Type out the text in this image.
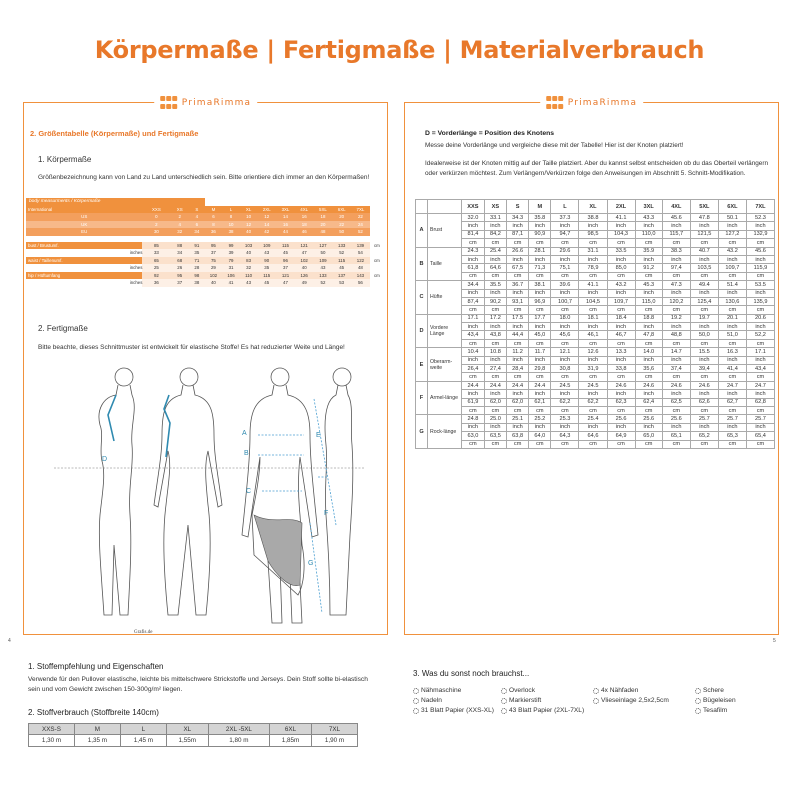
Körpermaße | Fertigmaße | Materialverbrauch
PrimaRimma
2. Größentabelle (Körpermaße) und Fertigmaße
1. Körpermaße
Größenbezeichnung kann von Land zu Land unterschiedlich sein. Bitte orientiere dich immer an den Körpermaßen!
body measurments / Körpermaße													
International	XXS	XS	S	M	L	XL	2XL	3XL	4XL	5XL	6XL	7XL	
US	0	2	4	6	8	10	12	14	16	18	20	22	
UK	2	4	6	8	10	12	14	16	18	20	22	24	
EU	30	32	34	36	38	40	42	44	46	48	50	52	

bust / Brustumf.	85	88	91	95	99	103	109	115	121	127	133	139	cm
inches	33	34	35	37	39	40	43	45	47	50	52	54	
waist / Taillenumf.	65	68	71	75	79	83	90	96	102	109	115	122	cm
inches	25	26	28	29	31	32	35	37	40	43	45	48	
hip / Hüftumfang	92	95	98	102	106	110	115	121	126	133	137	143	cm
inches	36	37	38	40	41	43	45	47	49	52	53	56	
2. Fertigmaße
Bitte beachte, dieses Schnittmuster ist entwickelt für elastische Stoffe! Es hat reduzierter Weite und Länge!
D
A
B
C
E
F
G
Grafis.de
4
PrimaRimma
D = Vorderlänge = Position des Knotens
Messe deine Vorderlänge und vergleiche diese mit der Tabelle! Hier ist der Knoten platziert!
Idealerweise ist der Knoten mittig auf der Taille platziert. Aber du kannst selbst entscheiden ob du das Oberteil verlängern oder verkürzen möchtest. Zum Verlängern/Verkürzen folge den Anweisungen im Abschnitt 5. Schnitt-Modifikation.
		XXS	XS	S	M	L	XL	2XL	3XL	4XL	5XL	6XL	7XL
A	Brust	32.0	33.1	34.3	35.8	37.3	38.8	41.1	43.3	45.6	47.8	50.1	52.3
		inch	inch	inch	inch	inch	inch	inch	inch	inch	inch	inch	inch
		81,4	84,2	87,1	90,9	94,7	98,5	104,3	110,0	115,7	121,5	127,2	132,9
		cm	cm	cm	cm	cm	cm	cm	cm	cm	cm	cm	cm
B	Taille	24.3	25.4	26.6	28.1	29.6	31.1	33.5	35.9	38.3	40.7	43.2	45.6
		inch	inch	inch	inch	inch	inch	inch	inch	inch	inch	inch	inch
		61,8	64,6	67,5	71,3	75,1	78,9	85,0	91,2	97,4	103,5	109,7	115,9
		cm	cm	cm	cm	cm	cm	cm	cm	cm	cm	cm	cm
C	Hüfte	34.4	35.5	36.7	38.1	39.6	41.1	43.2	45.3	47.3	49.4	51.4	53.5
		inch	inch	inch	inch	inch	inch	inch	inch	inch	inch	inch	inch
		87,4	90,2	93,1	96,9	100,7	104,5	109,7	115,0	120,2	125,4	130,6	135,9
		cm	cm	cm	cm	cm	cm	cm	cm	cm	cm	cm	cm
D	Vordere Länge	17.1	17.2	17.5	17.7	18.0	18.1	18.4	18.8	19.2	19.7	20.1	20.6
		inch	inch	inch	inch	inch	inch	inch	inch	inch	inch	inch	inch
		43,4	43,8	44,4	45,0	45,6	46,1	46,7	47,8	48,8	50,0	51,0	52,2
		cm	cm	cm	cm	cm	cm	cm	cm	cm	cm	cm	cm
E	Oberarm-weite	10.4	10.8	11.2	11.7	12.1	12.6	13.3	14.0	14.7	15.5	16.3	17.1
		inch	inch	inch	inch	inch	inch	inch	inch	inch	inch	inch	inch
		26,4	27,4	28,4	29,8	30,8	31,9	33,8	35,6	37,4	39,4	41,4	43,4
		cm	cm	cm	cm	cm	cm	cm	cm	cm	cm	cm	cm
F	Armel-länge	24.4	24.4	24.4	24.4	24.5	24.5	24.6	24.6	24.6	24.6	24.7	24.7
		inch	inch	inch	inch	inch	inch	inch	inch	inch	inch	inch	inch
		61,9	62,0	62,0	62,1	62,2	62,2	62,3	62,4	62,5	62,6	62,7	62,8
		cm	cm	cm	cm	cm	cm	cm	cm	cm	cm	cm	cm
G	Rock-länge	24.8	25.0	25.1	25.2	25.3	25.4	25.6	25.6	25.6	25.7	25.7	25.7
		inch	inch	inch	inch	inch	inch	inch	inch	inch	inch	inch	inch
		63,0	63,5	63,8	64,0	64,3	64,6	64,9	65,0	65,1	65,2	65,3	65,4
		cm	cm	cm	cm	cm	cm	cm	cm	cm	cm	cm	cm
5
1. Stoffempfehlung und Eigenschaften
Verwende für den Pullover elastische, leichte bis mittelschwere Strickstoffe und Jerseys. Dein Stoff sollte bi-elastisch sein und vom Gewicht zwischen 150-300g/m² liegen.
2. Stoffverbrauch (Stoffbreite 140cm)
XXS-S	M	L	XL	2XL -5XL	6XL	7XL
1,30 m	1,35 m	1,45 m	1,55m	1,80 m	1,85m	1,90 m
3. Was du sonst noch brauchst...
Nähmaschine	Overlock	4x Nähfaden	Schere
Nadeln	Markierstift	Vlieseinlage 2,5x2,5cm	Bügeleisen
31 Blatt Papier (XXS-XL) 43 Blatt Papier (2XL-7XL)	Tesafilm
